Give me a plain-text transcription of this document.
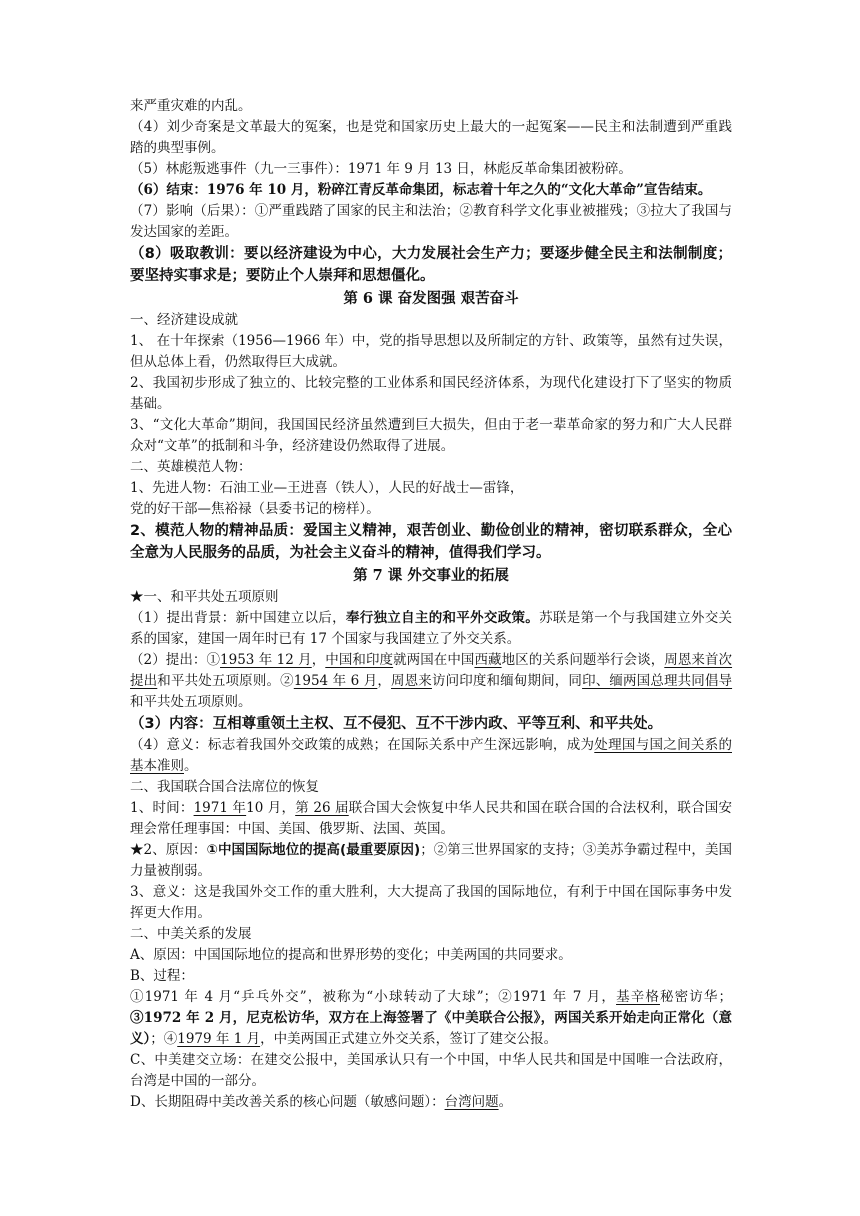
来严重灾难的内乱。

（4）刘少奇案是文革最大的冤案，也是党和国家历史上最大的一起冤案——民主和法制遭到严重践踏的典型事例。

（5）林彪叛逃事件（九一三事件）：1971 年 9 月 13 日，林彪反革命集团被粉碎。

（6）结束：1976 年 10 月，粉碎江青反革命集团，标志着十年之久的“文化大革命”宣告结束。

（7）影响（后果）：①严重践踏了国家的民主和法治；②教育科学文化事业被摧残；③拉大了我国与发达国家的差距。

（8）吸取教训：要以经济建设为中心，大力发展社会生产力；要逐步健全民主和法制制度；要坚持实事求是；要防止个人崇拜和思想僵化。

第 6 课 奋发图强 艰苦奋斗

一、经济建设成就

1、 在十年探索（1956—1966 年）中，党的指导思想以及所制定的方针、政策等，虽然有过失误，但从总体上看，仍然取得巨大成就。

2、我国初步形成了独立的、比较完整的工业体系和国民经济体系，为现代化建设打下了坚实的物质基础。

3、“文化大革命”期间，我国国民经济虽然遭到巨大损失，但由于老一辈革命家的努力和广大人民群众对“文革”的抵制和斗争，经济建设仍然取得了进展。

二、英雄模范人物：

1、先进人物：石油工业—王进喜（铁人），人民的好战士—雷锋，

党的好干部—焦裕禄（县委书记的榜样）。

2、模范人物的精神品质：爱国主义精神，艰苦创业、勤俭创业的精神，密切联系群众，全心全意为人民服务的品质，为社会主义奋斗的精神，值得我们学习。

第 7 课 外交事业的拓展

★一、和平共处五项原则

（1）提出背景：新中国建立以后，奉行独立自主的和平外交政策。苏联是第一个与我国建立外交关系的国家，建国一周年时已有 17 个国家与我国建立了外交关系。

（2）提出：①1953 年 12 月，中国和印度就两国在中国西藏地区的关系问题举行会谈，周恩来首次提出和平共处五项原则。②1954 年 6 月，周恩来访问印度和缅甸期间，同印、缅两国总理共同倡导和平共处五项原则。

（3）内容：互相尊重领土主权、互不侵犯、互不干涉内政、平等互利、和平共处。

（4）意义：标志着我国外交政策的成熟；在国际关系中产生深远影响，成为处理国与国之间关系的基本准则。

二、我国联合国合法席位的恢复

1、时间：1971 年10 月，第 26 届联合国大会恢复中华人民共和国在联合国的合法权利，联合国安理会常任理事国：中国、美国、俄罗斯、法国、英国。

★2、原因：①中国国际地位的提高(最重要原因)；②第三世界国家的支持；③美苏争霸过程中，美国力量被削弱。

3、意义：这是我国外交工作的重大胜利，大大提高了我国的国际地位，有利于中国在国际事务中发挥更大作用。

二、中美关系的发展

A、原因：中国国际地位的提高和世界形势的变化；中美两国的共同要求。

B、过程：

①1971 年 4 月“乒乓外交”，被称为“小球转动了大球”；②1971 年 7 月，基辛格秘密访华；③1972 年 2 月，尼克松访华，双方在上海签署了《中美联合公报》，两国关系开始走向正常化（意义）；④1979 年 1 月，中美两国正式建立外交关系，签订了建交公报。

C、中美建交立场：在建交公报中，美国承认只有一个中国，中华人民共和国是中国唯一合法政府，台湾是中国的一部分。

D、长期阻碍中美改善关系的核心问题（敏感问题）：台湾问题。
